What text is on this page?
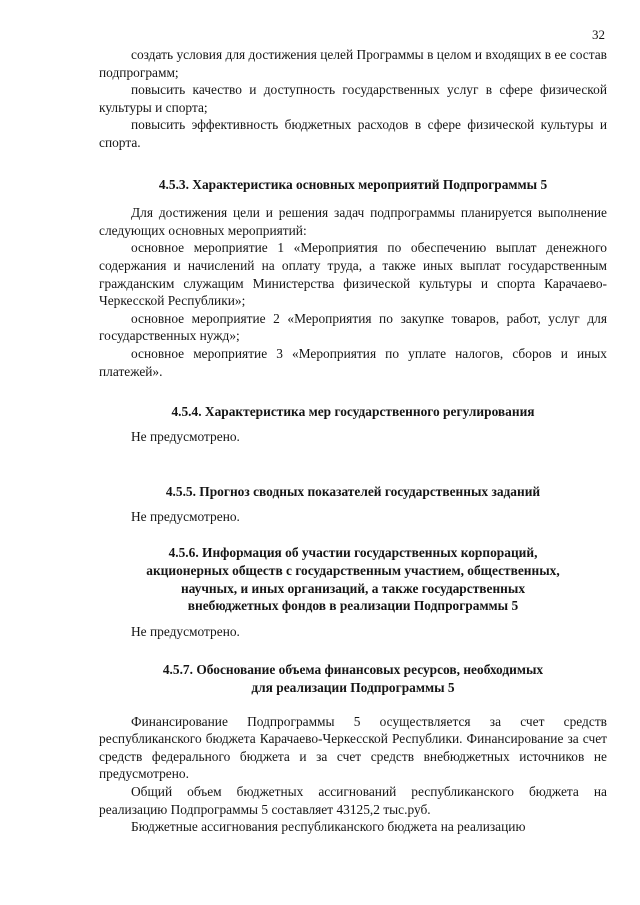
32

создать условия для достижения целей Программы в целом и входящих в ее состав подпрограмм;

повысить качество и доступность государственных услуг в сфере физической культуры и спорта;

повысить эффективность бюджетных расходов в сфере физической культуры и спорта.

4.5.3. Характеристика основных мероприятий Подпрограммы 5

Для достижения цели и решения задач подпрограммы планируется выполнение следующих основных мероприятий:

основное мероприятие 1 «Мероприятия по обеспечению выплат денежного содержания и начислений на оплату труда, а также иных выплат государственным гражданским служащим Министерства физической культуры и спорта Карачаево-Черкесской Республики»;

основное мероприятие 2 «Мероприятия по закупке товаров, работ, услуг для государственных нужд»;

основное мероприятие 3 «Мероприятия по уплате налогов, сборов и иных платежей».

4.5.4. Характеристика мер государственного регулирования

Не предусмотрено.

4.5.5. Прогноз сводных показателей государственных заданий

Не предусмотрено.

4.5.6. Информация об участии государственных корпораций,
акционерных обществ с государственным участием, общественных,
научных, и иных организаций, а также государственных
внебюджетных фондов в реализации Подпрограммы 5

Не предусмотрено.

4.5.7. Обоснование объема финансовых ресурсов, необходимых
для реализации Подпрограммы 5

Финансирование Подпрограммы 5 осуществляется за счет средств республиканского бюджета Карачаево-Черкесской Республики. Финансирование за счет средств федерального бюджета и за счет средств внебюджетных источников не предусмотрено.

Общий объем бюджетных ассигнований республиканского бюджета на реализацию Подпрограммы 5 составляет 43125,2 тыс.руб.

Бюджетные ассигнования республиканского бюджета на реализацию
